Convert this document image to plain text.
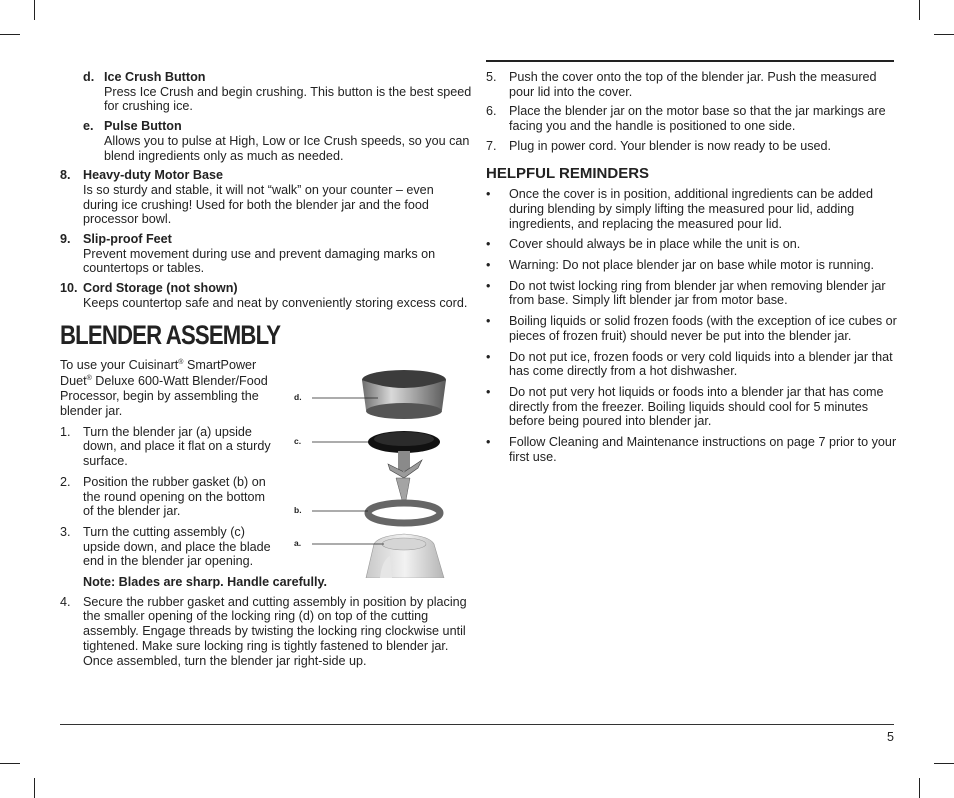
d. Ice Crush Button
Press Ice Crush and begin crushing. This button is the best speed for crushing ice.
e. Pulse Button
Allows you to pulse at High, Low or Ice Crush speeds, so you can blend ingredients only as much as needed.
8. Heavy-duty Motor Base
Is so sturdy and stable, it will not “walk” on your counter – even during ice crushing! Used for both the blender jar and the food processor bowl.
9. Slip-proof Feet
Prevent movement during use and prevent damaging marks on countertops or tables.
10. Cord Storage (not shown)
Keeps countertop safe and neat by conveniently storing excess cord.
BLENDER ASSEMBLY
To use your Cuisinart® SmartPower Duet® Deluxe 600-Watt Blender/Food Processor, begin by assembling the blender jar.
1. Turn the blender jar (a) upside down, and place it flat on a sturdy surface.
2. Position the rubber gasket (b) on the round opening on the bottom of the blender jar.
3. Turn the cutting assembly (c) upside down, and place the blade end in the blender jar opening.
Note: Blades are sharp. Handle carefully.
4. Secure the rubber gasket and cutting assembly in position by placing the smaller opening of the locking ring (d) on top of the cutting assembly. Engage threads by twisting the locking ring clockwise until tightened. Make sure locking ring is tightly fastened to blender jar. Once assembled, turn the blender jar right-side up.
d.
c.
b.
a.
5. Push the cover onto the top of the blender jar. Push the measured pour lid into the cover.
6. Place the blender jar on the motor base so that the jar markings are facing you and the handle is positioned to one side.
7. Plug in power cord. Your blender is now ready to be used.
HELPFUL REMINDERS
•	Once the cover is in position, additional ingredients can be added during blending by simply lifting the measured pour lid, adding ingredients, and replacing the measured pour lid.
•	Cover should always be in place while the unit is on.
•	Warning: Do not place blender jar on base while motor is running.
•	Do not twist locking ring from blender jar when removing blender jar from base. Simply lift blender jar from motor base.
•	Boiling liquids or solid frozen foods (with the exception of ice cubes or pieces of frozen fruit) should never be put into the blender jar.
•	Do not put ice, frozen foods or very cold liquids into a blender jar that has come directly from a hot dishwasher.
•	Do not put very hot liquids or foods into a blender jar that has come directly from the freezer. Boiling liquids should cool for 5 minutes before being poured into blender jar.
•	Follow Cleaning and Maintenance instructions on page 7 prior to your first use.
5
